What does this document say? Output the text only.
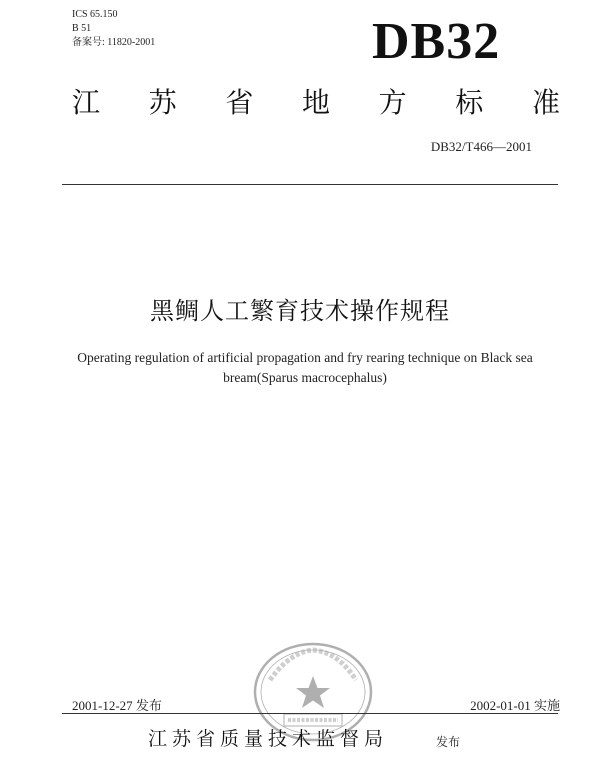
ICS 65.150
B 51
备案号: 11820-2001	DB32
江 苏 省 地 方 标 准
DB32/T466—2001
黑鲷人工繁育技术操作规程
Operating regulation of artificial propagation and fry rearing technique on Black sea bream(Sparus macrocephalus)
2001-12-27 发布	2002-01-01 实施
江苏省质量技术监督局	发布
